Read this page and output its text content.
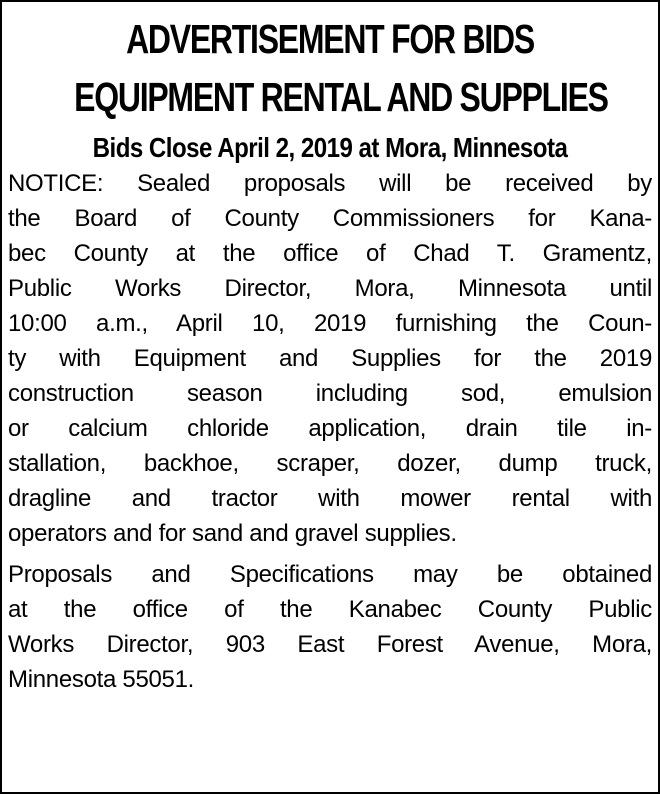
ADVERTISEMENT FOR BIDS
EQUIPMENT RENTAL AND SUPPLIES
Bids Close April 2, 2019 at Mora, Minnesota
NOTICE: Sealed proposals will be received by
the Board of County Commissioners for Kana-
bec County at the office of Chad T. Gramentz,
Public Works Director, Mora, Minnesota until
10:00 a.m., April 10, 2019 furnishing the Coun-
ty with Equipment and Supplies for the 2019
construction season including sod, emulsion
or calcium chloride application, drain tile in-
stallation, backhoe, scraper, dozer, dump truck,
dragline and tractor with mower rental with
operators and for sand and gravel supplies.
Proposals and Specifications may be obtained
at the office of the Kanabec County Public
Works Director, 903 East Forest Avenue, Mora,
Minnesota 55051.
